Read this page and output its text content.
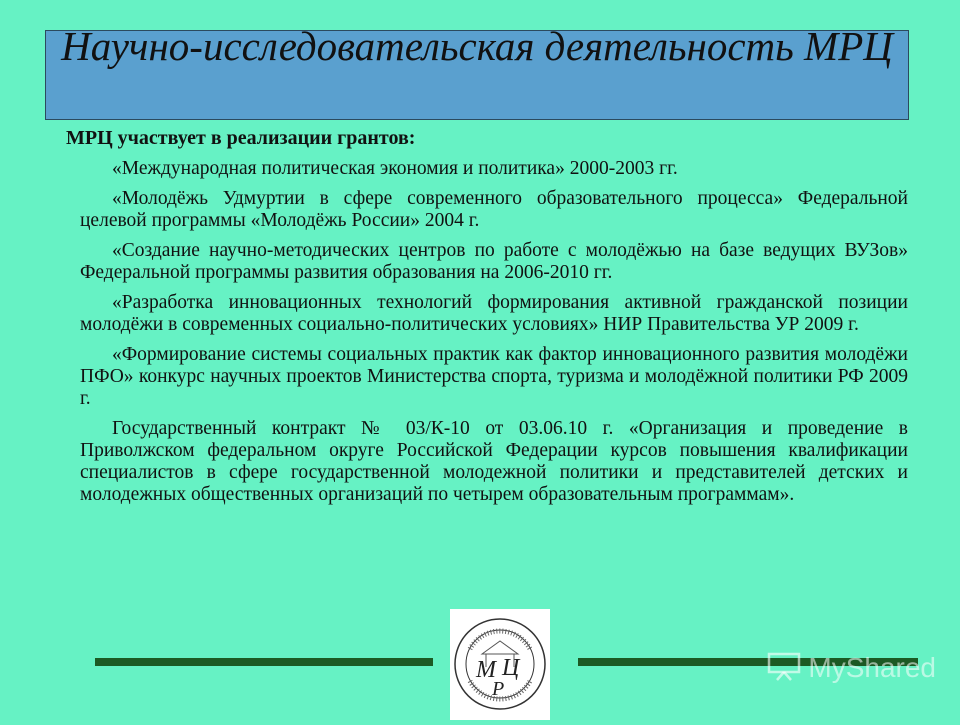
Научно-исследовательская деятельность МРЦ
МРЦ участвует в реализации грантов:

«Международная политическая экономия и политика» 2000-2003 гг.

«Молодёжь Удмуртии в сфере современного образовательного процесса» Федеральной целевой программы «Молодёжь России» 2004 г.

«Создание научно-методических центров по работе с молодёжью на базе ведущих ВУЗов» Федеральной программы развития образования на 2006-2010 гг.

«Разработка инновационных технологий формирования активной гражданской позиции молодёжи в современных социально-политических условиях» НИР Правительства УР 2009 г.

«Формирование системы социальных практик как фактор инновационного развития молодёжи ПФО» конкурс научных проектов Министерства спорта, туризма и молодёжной политики РФ 2009 г.

Государственный контракт № 03/К-10 от 03.06.10 г. «Организация и проведение в Приволжском федеральном округе Российской Федерации курсов повышения квалификации специалистов в сфере государственной молодежной политики и представителей детских и молодежных общественных организаций по четырем образовательным программам».

М Ц
Р
MyShared
